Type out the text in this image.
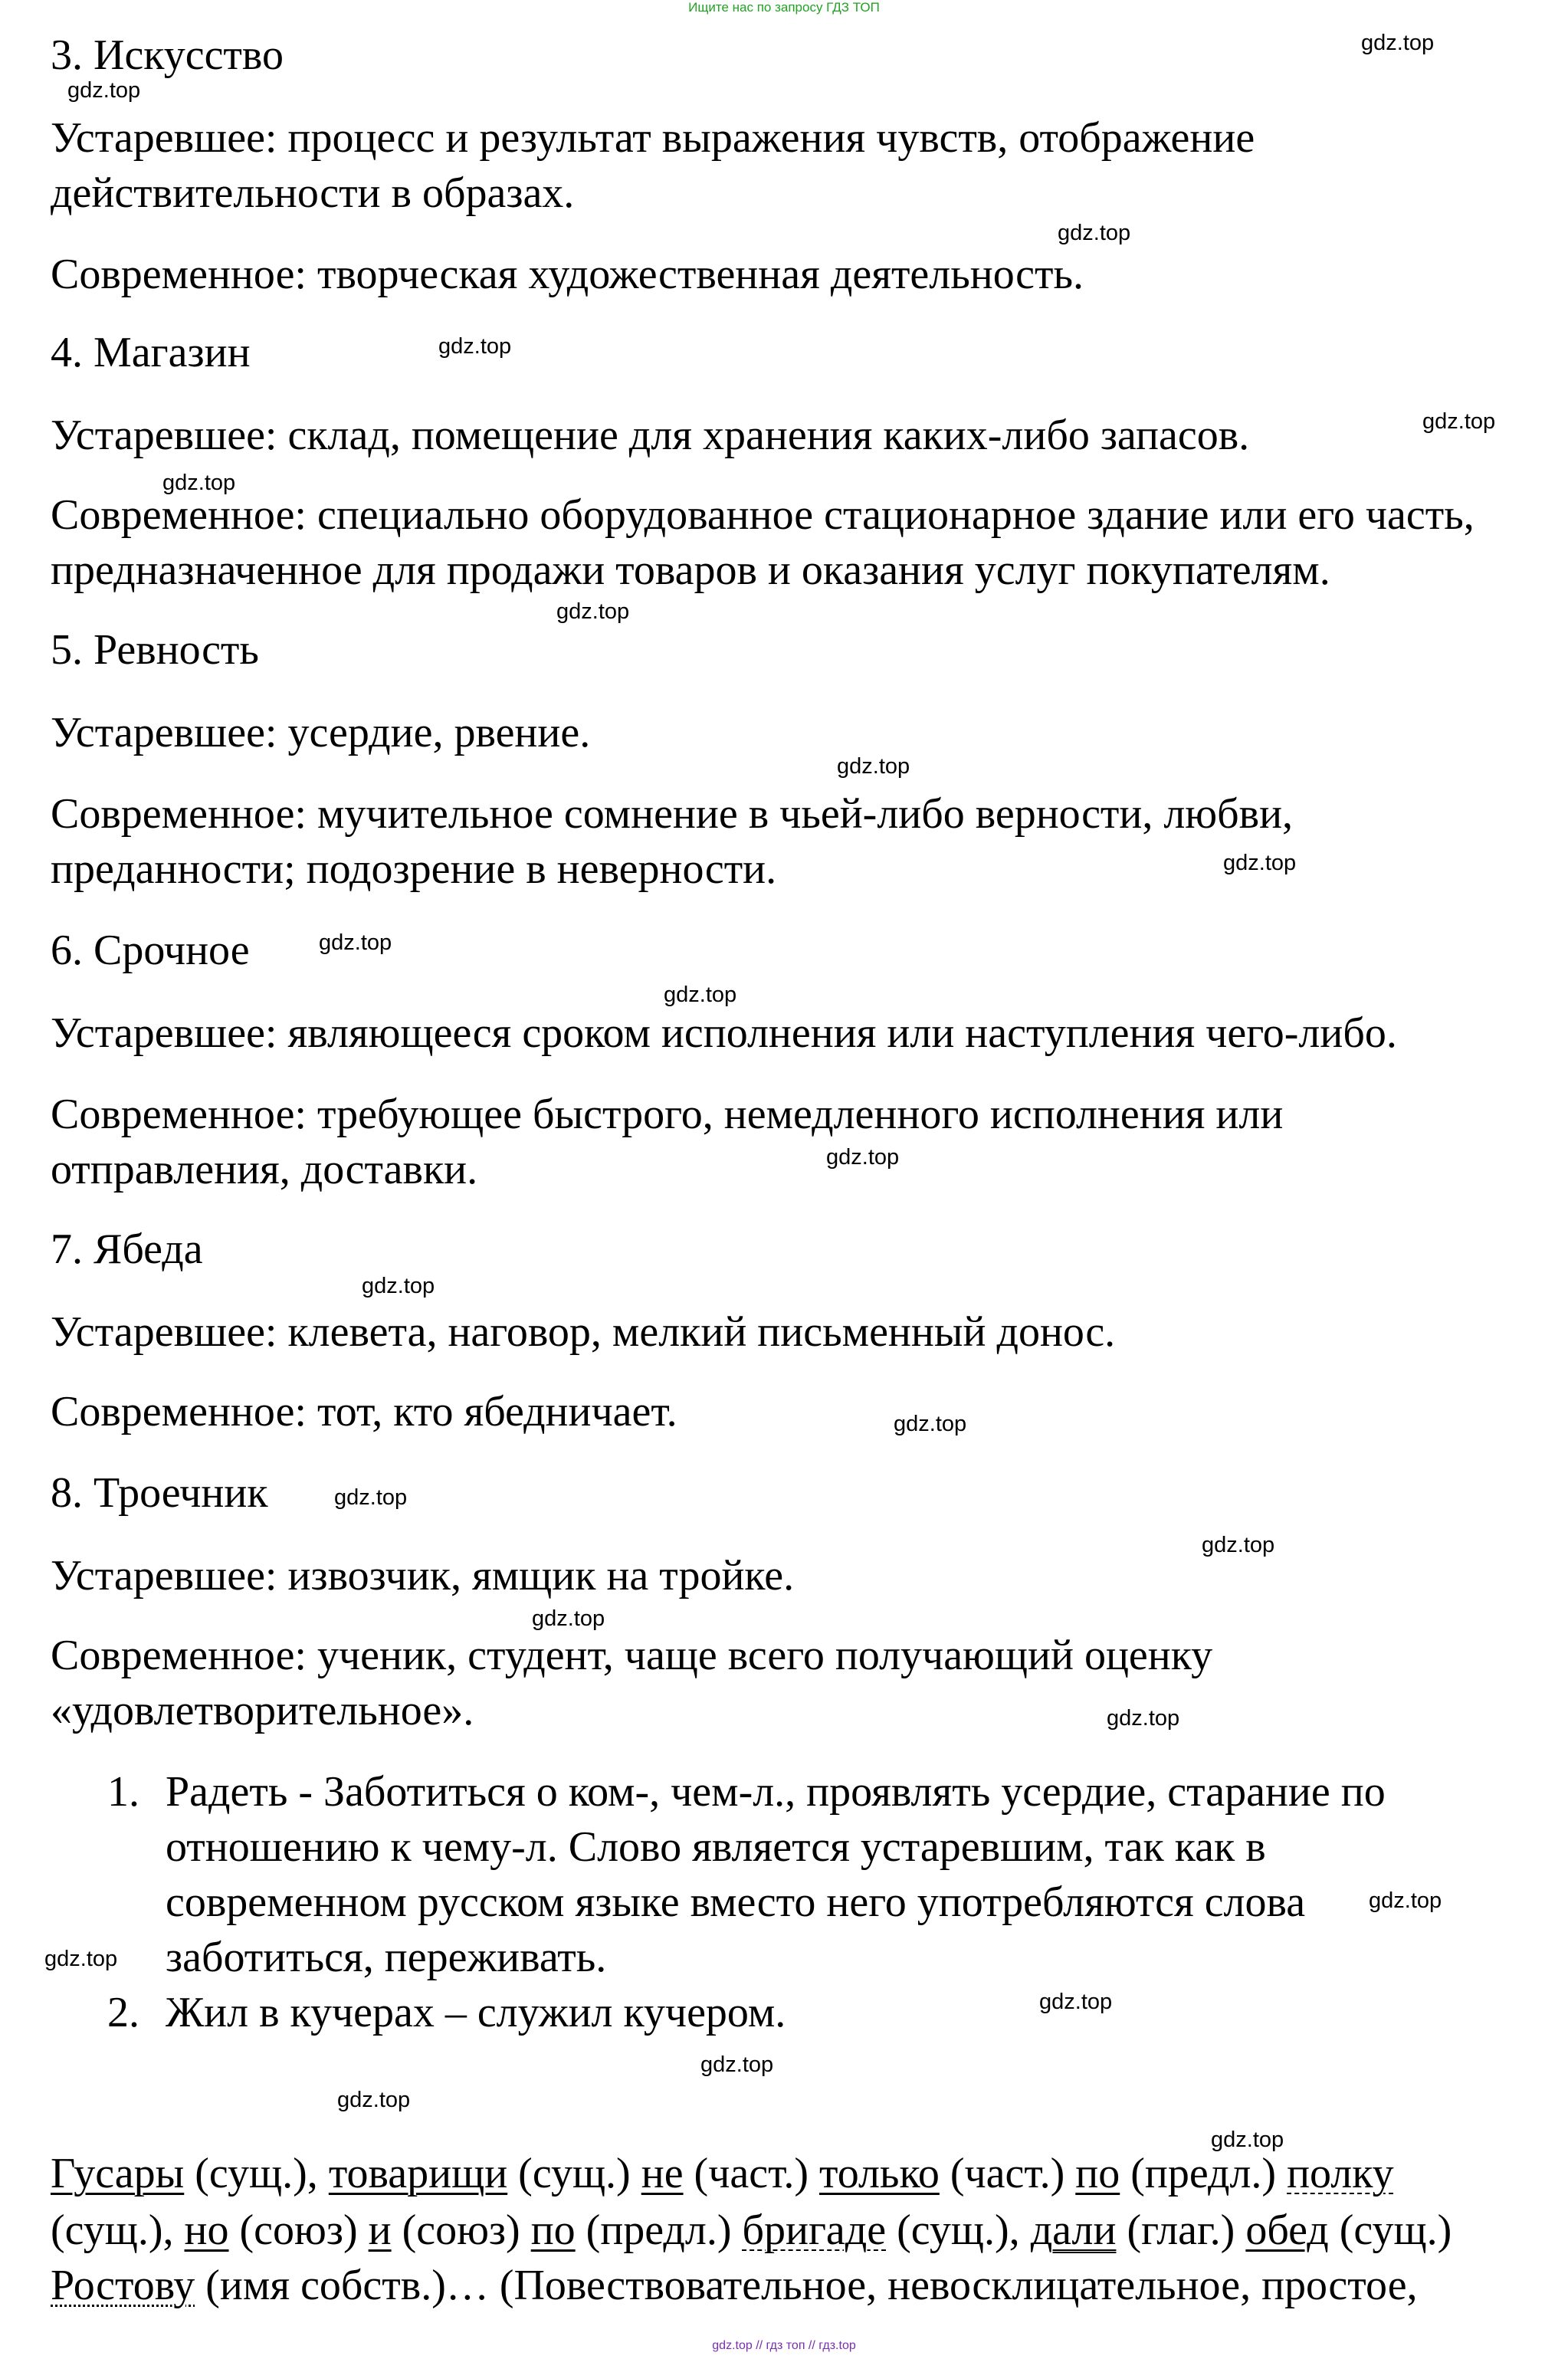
Ищите нас по запросу ГДЗ ТОП
3. Искусство
Устаревшее: процесс и результат выражения чувств, отображение
действительности в образах.
Современное: творческая художественная деятельность.
4. Магазин
Устаревшее: склад, помещение для хранения каких-либо запасов.
Современное: специально оборудованное стационарное здание или его часть,
предназначенное для продажи товаров и оказания услуг покупателям.
5. Ревность
Устаревшее: усердие, рвение.
Современное: мучительное сомнение в чьей-либо верности, любви,
преданности; подозрение в неверности.
6. Срочное
Устаревшее: являющееся сроком исполнения или наступления чего-либо.
Современное: требующее быстрого, немедленного исполнения или
отправления, доставки.
7. Ябеда
Устаревшее: клевета, наговор, мелкий письменный донос.
Современное: тот, кто ябедничает.
8. Троечник
Устаревшее: извозчик, ямщик на тройке.
Современное: ученик, студент, чаще всего получающий оценку
«удовлетворительное».
1. Радеть - Заботиться о ком-, чем-л., проявлять усердие, старание по
отношению к чему-л. Слово является устаревшим, так как в
современном русском языке вместо него употребляются слова
заботиться, переживать.
2. Жил в кучерах – служил кучером.
Гусары (сущ.), товарищи (сущ.) не (част.) только (част.) по (предл.) полку
(сущ.), но (союз) и (союз) по (предл.) бригаде (сущ.), дали (глаг.) обед (сущ.)
Ростову (имя собств.)… (Повествовательное, невосклицательное, простое,
gdz.top
gdz.top
gdz.top
gdz.top
gdz.top
gdz.top
gdz.top
gdz.top
gdz.top
gdz.top
gdz.top
gdz.top
gdz.top
gdz.top
gdz.top
gdz.top
gdz.top
gdz.top
gdz.top
gdz.top
gdz.top
gdz.top
gdz.top
gdz.top
gdz.top // гдз топ // гдз.top
